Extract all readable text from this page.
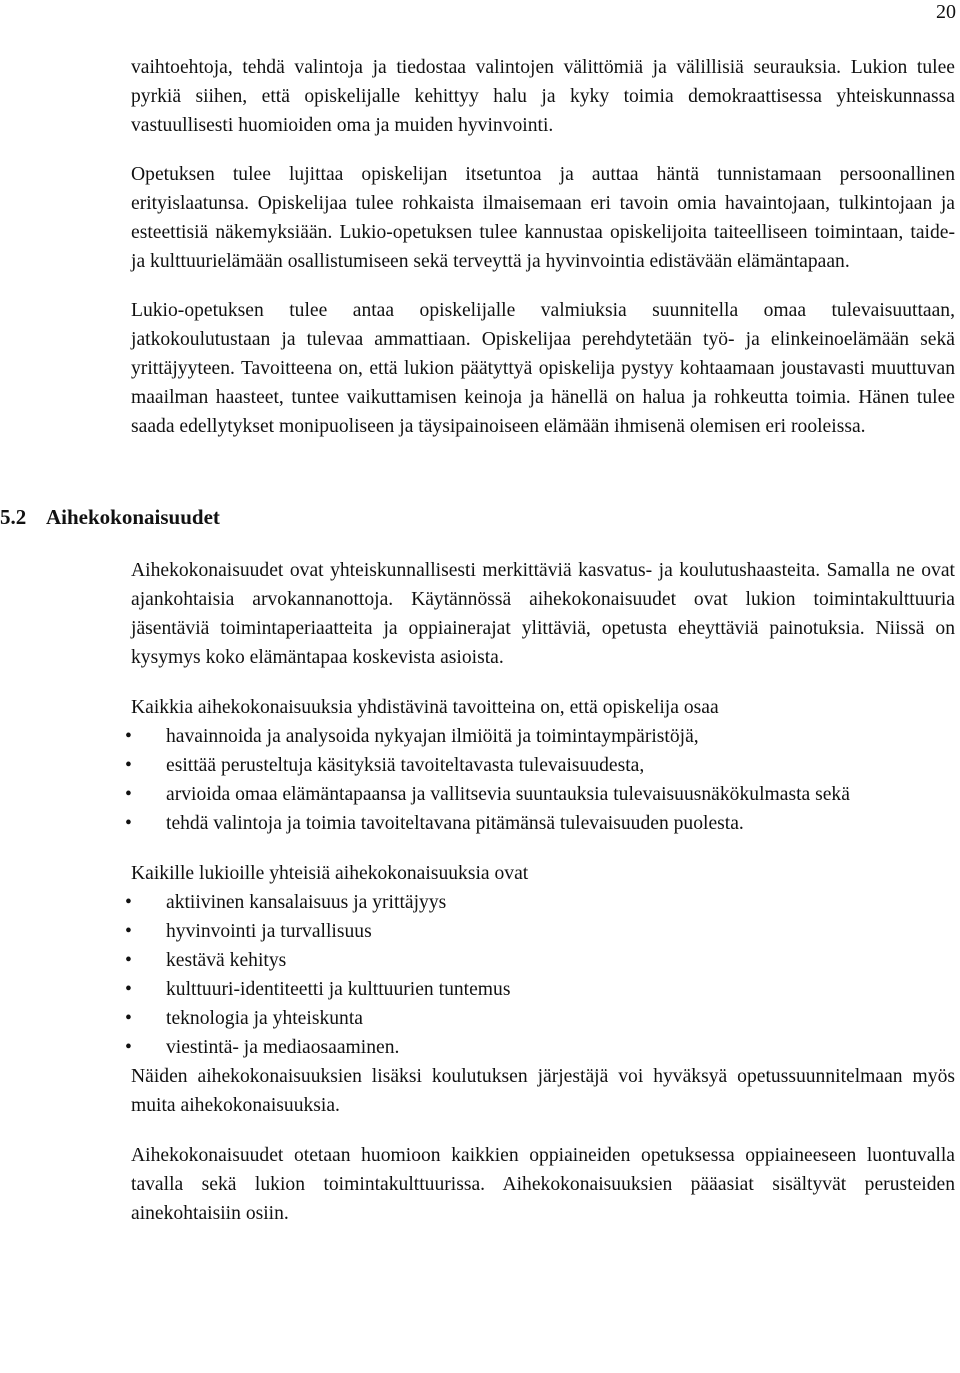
20

vaihtoehtoja, tehdä valintoja ja tiedostaa valintojen välittömiä ja välillisiä seurauksia. Lukion tulee pyrkiä siihen, että opiskelijalle kehittyy halu ja kyky toimia demokraattisessa yhteiskunnassa vastuullisesti huomioiden oma ja muiden hyvinvointi.

Opetuksen tulee lujittaa opiskelijan itsetuntoa ja auttaa häntä tunnistamaan persoonallinen erityislaatunsa. Opiskelijaa tulee rohkaista ilmaisemaan eri tavoin omia havaintojaan, tulkintojaan ja esteettisiä näkemyksiään. Lukio-opetuksen tulee kannustaa opiskelijoita taiteelliseen toimintaan, taide- ja kulttuurielämään osallistumiseen sekä terveyttä ja hyvinvointia edistävään elämäntapaan.

Lukio-opetuksen tulee antaa opiskelijalle valmiuksia suunnitella omaa tulevaisuuttaan, jatkokoulutustaan ja tulevaa ammattiaan. Opiskelijaa perehdytetään työ- ja elinkeinoelämään sekä yrittäjyyteen. Tavoitteena on, että lukion päätyttyä opiskelija pystyy kohtaamaan joustavasti muuttuvan maailman haasteet, tuntee vaikuttamisen keinoja ja hänellä on halua ja rohkeutta toimia. Hänen tulee saada edellytykset monipuoliseen ja täysipainoiseen elämään ihmisenä olemisen eri rooleissa.

5.2 Aihekokonaisuudet

Aihekokonaisuudet ovat yhteiskunnallisesti merkittäviä kasvatus- ja koulutushaasteita. Samalla ne ovat ajankohtaisia arvokannanottoja. Käytännössä aihekokonaisuudet ovat lukion toimintakulttuuria jäsentäviä toimintaperiaatteita ja oppiainerajat ylittäviä, opetusta eheyttäviä painotuksia. Niissä on kysymys koko elämäntapaa koskevista asioista.

Kaikkia aihekokonaisuuksia yhdistävinä tavoitteina on, että opiskelija osaa

• havainnoida ja analysoida nykyajan ilmiöitä ja toimintaympäristöjä,
• esittää perusteltuja käsityksiä tavoiteltavasta tulevaisuudesta,
• arvioida omaa elämäntapaansa ja vallitsevia suuntauksia tulevaisuusnäkökulmasta sekä
• tehdä valintoja ja toimia tavoiteltavana pitämänsä tulevaisuuden puolesta.

Kaikille lukioille yhteisiä aihekokonaisuuksia ovat

• aktiivinen kansalaisuus ja yrittäjyys
• hyvinvointi ja turvallisuus
• kestävä kehitys
• kulttuuri-identiteetti ja kulttuurien tuntemus
• teknologia ja yhteiskunta
• viestintä- ja mediaosaaminen.

Näiden aihekokonaisuuksien lisäksi koulutuksen järjestäjä voi hyväksyä opetussuunnitelmaan myös muita aihekokonaisuuksia.

Aihekokonaisuudet otetaan huomioon kaikkien oppiaineiden opetuksessa oppiaineeseen luontuvalla tavalla sekä lukion toimintakulttuurissa. Aihekokonaisuuksien pääasiat sisältyvät perusteiden ainekohtaisiin osiin.
